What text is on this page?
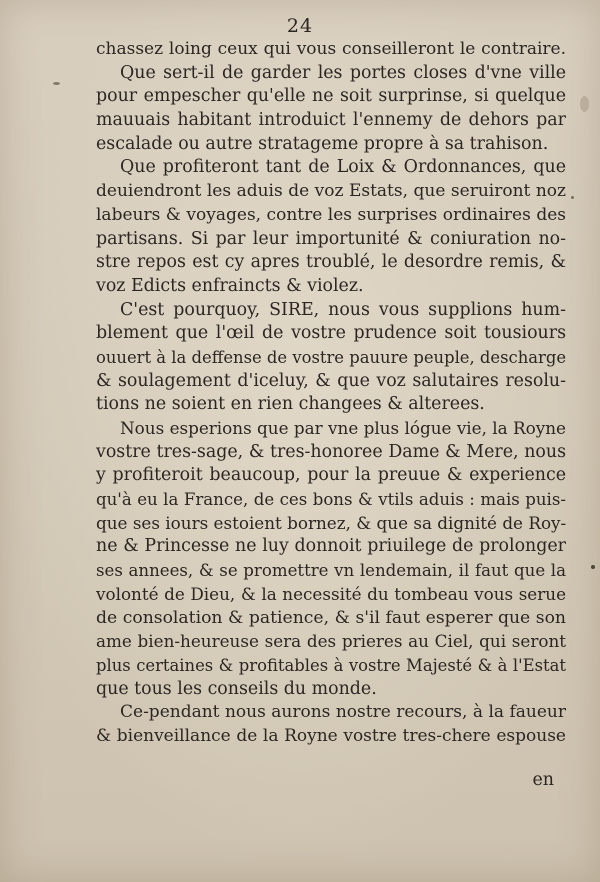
24
chassez loing ceux qui vous conseilleront le contraire.
Que sert-il de garder les portes closes d'vne ville
pour empescher qu'elle ne soit surprinse, si quelque
mauuais habitant introduict l'ennemy de dehors par
escalade ou autre stratageme propre à sa trahison.
Que profiteront tant de Loix & Ordonnances, que
deuiendront les aduis de voz Estats, que seruiront noz
labeurs & voyages, contre les surprises ordinaires des
partisans. Si par leur importunité & coniuration no-
stre repos est cy apres troublé, le desordre remis, &
voz Edicts enfraincts & violez.
C'est pourquoy, SIRE, nous vous supplions hum-
blement que l'œil de vostre prudence soit tousiours
ouuert à la deffense de vostre pauure peuple, descharge
& soulagement d'iceluy, & que voz salutaires resolu-
tions ne soient en rien changees & alterees.
Nous esperions que par vne plus lógue vie, la Royne
vostre tres-sage, & tres-honoree Dame & Mere, nous
y profiteroit beaucoup, pour la preuue & experience
qu'à eu la France, de ces bons & vtils aduis : mais puis-
que ses iours estoient bornez, & que sa dignité de Roy-
ne & Princesse ne luy donnoit priuilege de prolonger
ses annees, & se promettre vn lendemain, il faut que la
volonté de Dieu, & la necessité du tombeau vous serue
de consolation & patience, & s'il faut esperer que son
ame bien-heureuse sera des prieres au Ciel, qui seront
plus certaines & profitables à vostre Majesté & à l'Estat
que tous les conseils du monde.
Ce-pendant nous aurons nostre recours, à la faueur
& bienveillance de la Royne vostre tres-chere espouse
en
